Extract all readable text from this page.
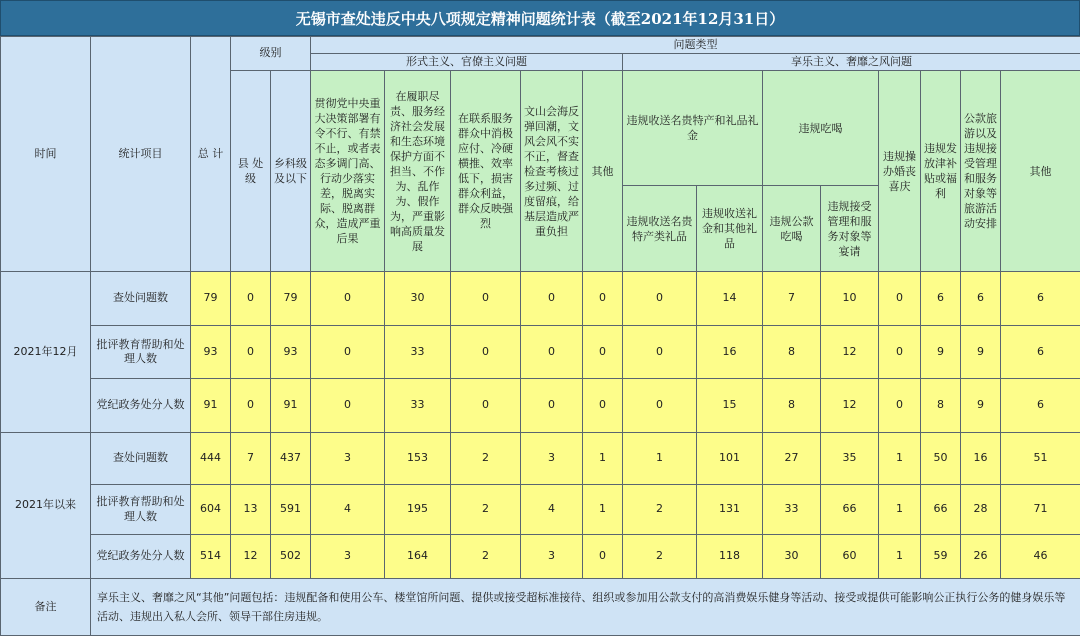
无锡市查处违反中央八项规定精神问题统计表（截至2021年12月31日）
时间	统计项目	总 计	级别		问题类型												
					形式主义、官僚主义问题					享乐主义、奢靡之风问题							
			县 处级	乡科级及以下	贯彻党中央重大决策部署有令不行、有禁不止，或者表态多调门高、行动少落实差，脱离实际、脱离群众，造成严重后果	在履职尽责、服务经济社会发展和生态环境保护方面不担当、不作为、乱作为、假作为，严重影响高质量发展	在联系服务群众中消极应付、冷硬横推、效率低下，损害群众利益，群众反映强烈	文山会海反弹回潮，文风会风不实不正，督查检查考核过多过频、过度留痕，给基层造成严重负担	其他	违规收送名贵特产和礼品礼金		违规吃喝		违规操办婚丧喜庆	违规发放津补贴或福利	公款旅游以及违规接受管理和服务对象等旅游活动安排	其他
										违规收送名贵特产类礼品	违规收送礼金和其他礼品	违规公款吃喝	违规接受管理和服务对象等宴请				
2021年12月	查处问题数	79	0	79	0	30	0	0	0	0	14	7	10	0	6	6	6
	批评教育帮助和处理人数	93	0	93	0	33	0	0	0	0	16	8	12	0	9	9	6
	党纪政务处分人数	91	0	91	0	33	0	0	0	0	15	8	12	0	8	9	6
2021年以来	查处问题数	444	7	437	3	153	2	3	1	1	101	27	35	1	50	16	51
	批评教育帮助和处理人数	604	13	591	4	195	2	4	1	2	131	33	66	1	66	28	71
	党纪政务处分人数	514	12	502	3	164	2	3	0	2	118	30	60	1	59	26	46
备注	享乐主义、奢靡之风“其他”问题包括：违规配备和使用公车、楼堂馆所问题、提供或接受超标准接待、组织或参加用公款支付的高消费娱乐健身等活动、接受或提供可能影响公正执行公务的健身娱乐等活动、违规出入私人会所、领导干部住房违规。																
